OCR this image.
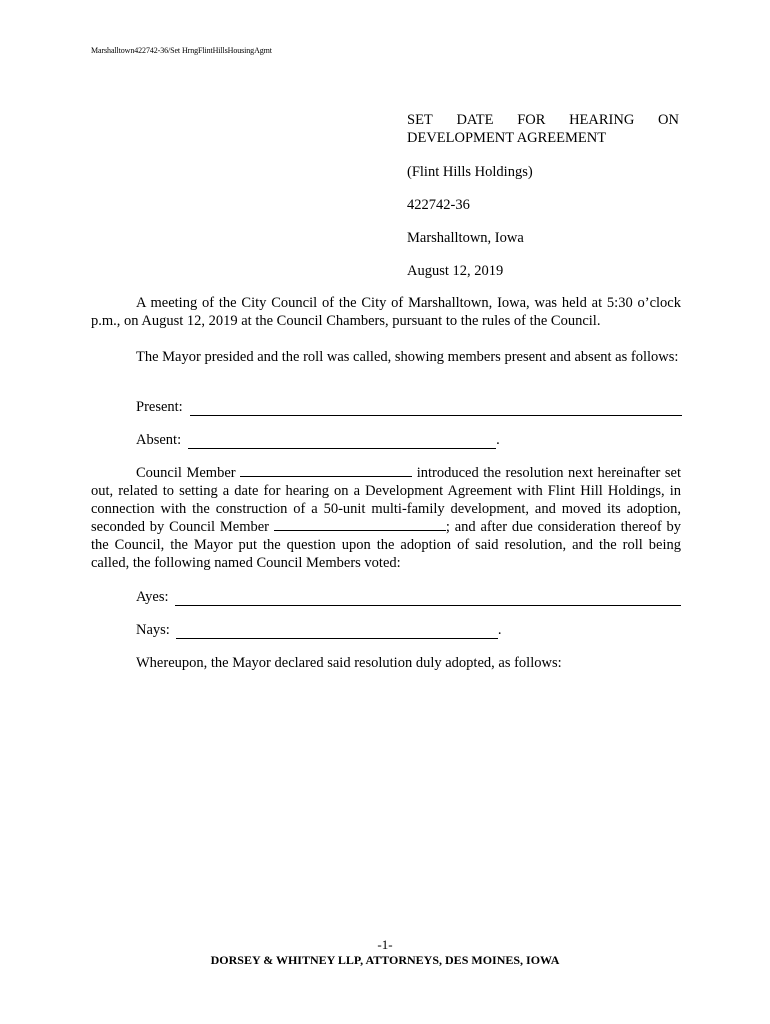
Marshalltown422742-36/Set HrngFlintHillsHousingAgmt
SET DATE FOR HEARING ON
DEVELOPMENT AGREEMENT
(Flint Hills Holdings)
422742-36
Marshalltown, Iowa
August 12, 2019

A meeting of the City Council of the City of Marshalltown, Iowa, was held at 5:30 o’clock p.m., on August 12, 2019 at the Council Chambers, pursuant to the rules of the Council.

The Mayor presided and the roll was called, showing members present and absent as follows:

Present:
Absent:	.

Council Member	introduced the resolution next hereinafter set out, related to setting a date for hearing on a Development Agreement with Flint Hill Holdings, in connection with the construction of a 50-unit multi-family development, and moved its adoption, seconded by Council Member	; and after due consideration thereof by the Council, the Mayor put the question upon the adoption of said resolution, and the roll being called, the following named Council Members voted:

Ayes:
Nays:	.

Whereupon, the Mayor declared said resolution duly adopted, as follows:

-1-
DORSEY & WHITNEY LLP, ATTORNEYS, DES MOINES, IOWA
